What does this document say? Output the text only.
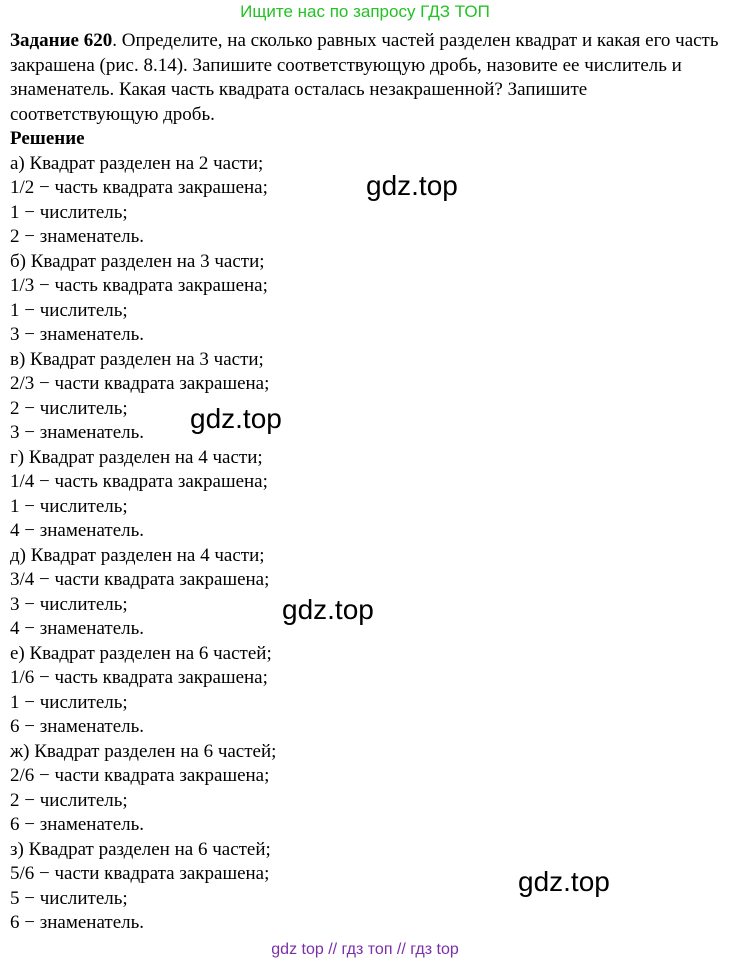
Ищите нас по запросу ГДЗ ТОП
Задание 620. Определите, на сколько равных частей разделен квадрат и какая его часть закрашена (рис. 8.14). Запишите соответствующую дробь, назовите ее числитель и знаменатель. Какая часть квадрата осталась незакрашенной? Запишите соответствующую дробь.
Решение
а) Квадрат разделен на 2 части;
1/2 − часть квадрата закрашена;
1 − числитель;
2 − знаменатель.
б) Квадрат разделен на 3 части;
1/3 − часть квадрата закрашена;
1 − числитель;
3 − знаменатель.
в) Квадрат разделен на 3 части;
2/3 − части квадрата закрашена;
2 − числитель;
3 − знаменатель.
г) Квадрат разделен на 4 части;
1/4 − часть квадрата закрашена;
1 − числитель;
4 − знаменатель.
д) Квадрат разделен на 4 части;
3/4 − части квадрата закрашена;
3 − числитель;
4 − знаменатель.
е) Квадрат разделен на 6 частей;
1/6 − часть квадрата закрашена;
1 − числитель;
6 − знаменатель.
ж) Квадрат разделен на 6 частей;
2/6 − части квадрата закрашена;
2 − числитель;
6 − знаменатель.
з) Квадрат разделен на 6 частей;
5/6 − части квадрата закрашена;
5 − числитель;
6 − знаменатель.
gdz.top
gdz.top
gdz.top
gdz.top
gdz top // гдз топ // гдз top
